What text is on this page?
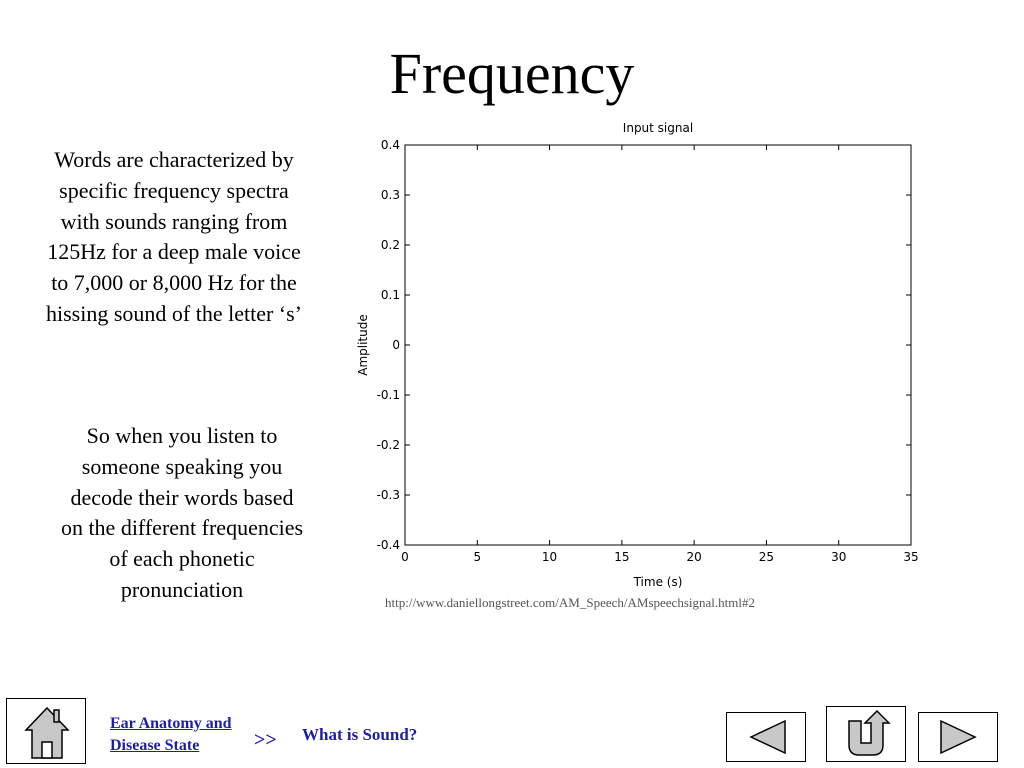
Frequency
Words are characterized by specific frequency spectra with sounds ranging from 125Hz for a deep male voice to 7,000 or 8,000 Hz for the hissing sound of the letter ‘s’
So when you listen to someone speaking you decode their words based on the different frequencies of each phonetic pronunciation
Input signal
Time (s)
Amplitude
0	5	10	15	20	25	30	35
0.4
0.3
0.2
0.1
0
-0.1
-0.2
-0.3
-0.4
http://www.daniellongstreet.com/AM_Speech/AMspeechsignal.html#2
Ear Anatomy and Disease State	>> What is Sound?
